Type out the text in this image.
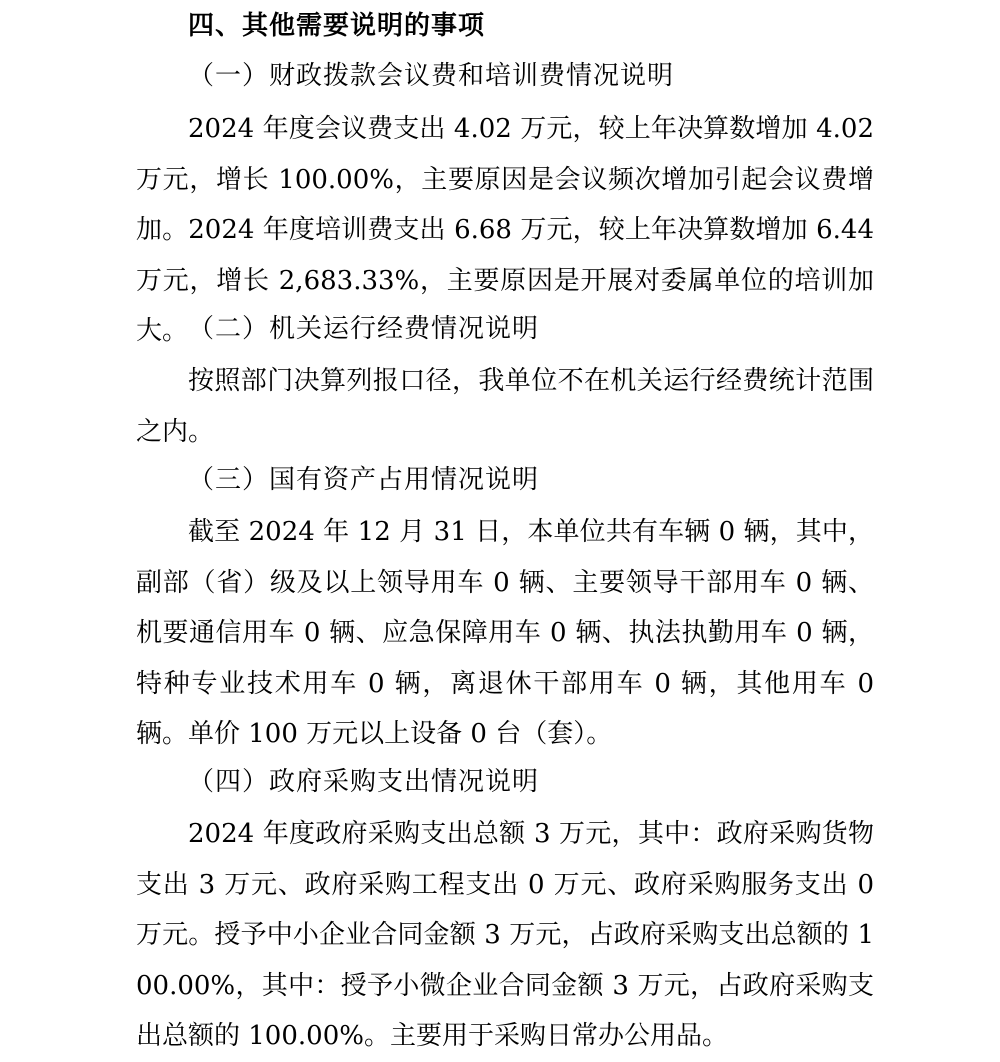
四、其他需要说明的事项
（一）财政拨款会议费和培训费情况说明
2024 年度会议费支出 4.02 万元，较上年决算数增加 4.02 万元，增长 100.00%，主要原因是会议频次增加引起会议费增加。2024 年度培训费支出 6.68 万元，较上年决算数增加 6.44 万元，增长 2,683.33%，主要原因是开展对委属单位的培训加大。 （二）机关运行经费情况说明
按照部门决算列报口径，我单位不在机关运行经费统计范围之内。
（三）国有资产占用情况说明
截至 2024 年 12 月 31 日，本单位共有车辆 0 辆，其中，副部（省）级及以上领导用车 0 辆、主要领导干部用车 0 辆、机要通信用车 0 辆、应急保障用车 0 辆、执法执勤用车 0 辆，特种专业技术用车 0 辆，离退休干部用车 0 辆，其他用车 0 辆。单价 100 万元以上设备 0 台（套）。
（四）政府采购支出情况说明
2024 年度政府采购支出总额 3 万元，其中：政府采购货物支出 3 万元、政府采购工程支出 0 万元、政府采购服务支出 0 万元。授予中小企业合同金额 3 万元，占政府采购支出总额的 100.00%，其中：授予小微企业合同金额 3 万元，占政府采购支出总额的 100.00%。主要用于采购日常办公用品。
